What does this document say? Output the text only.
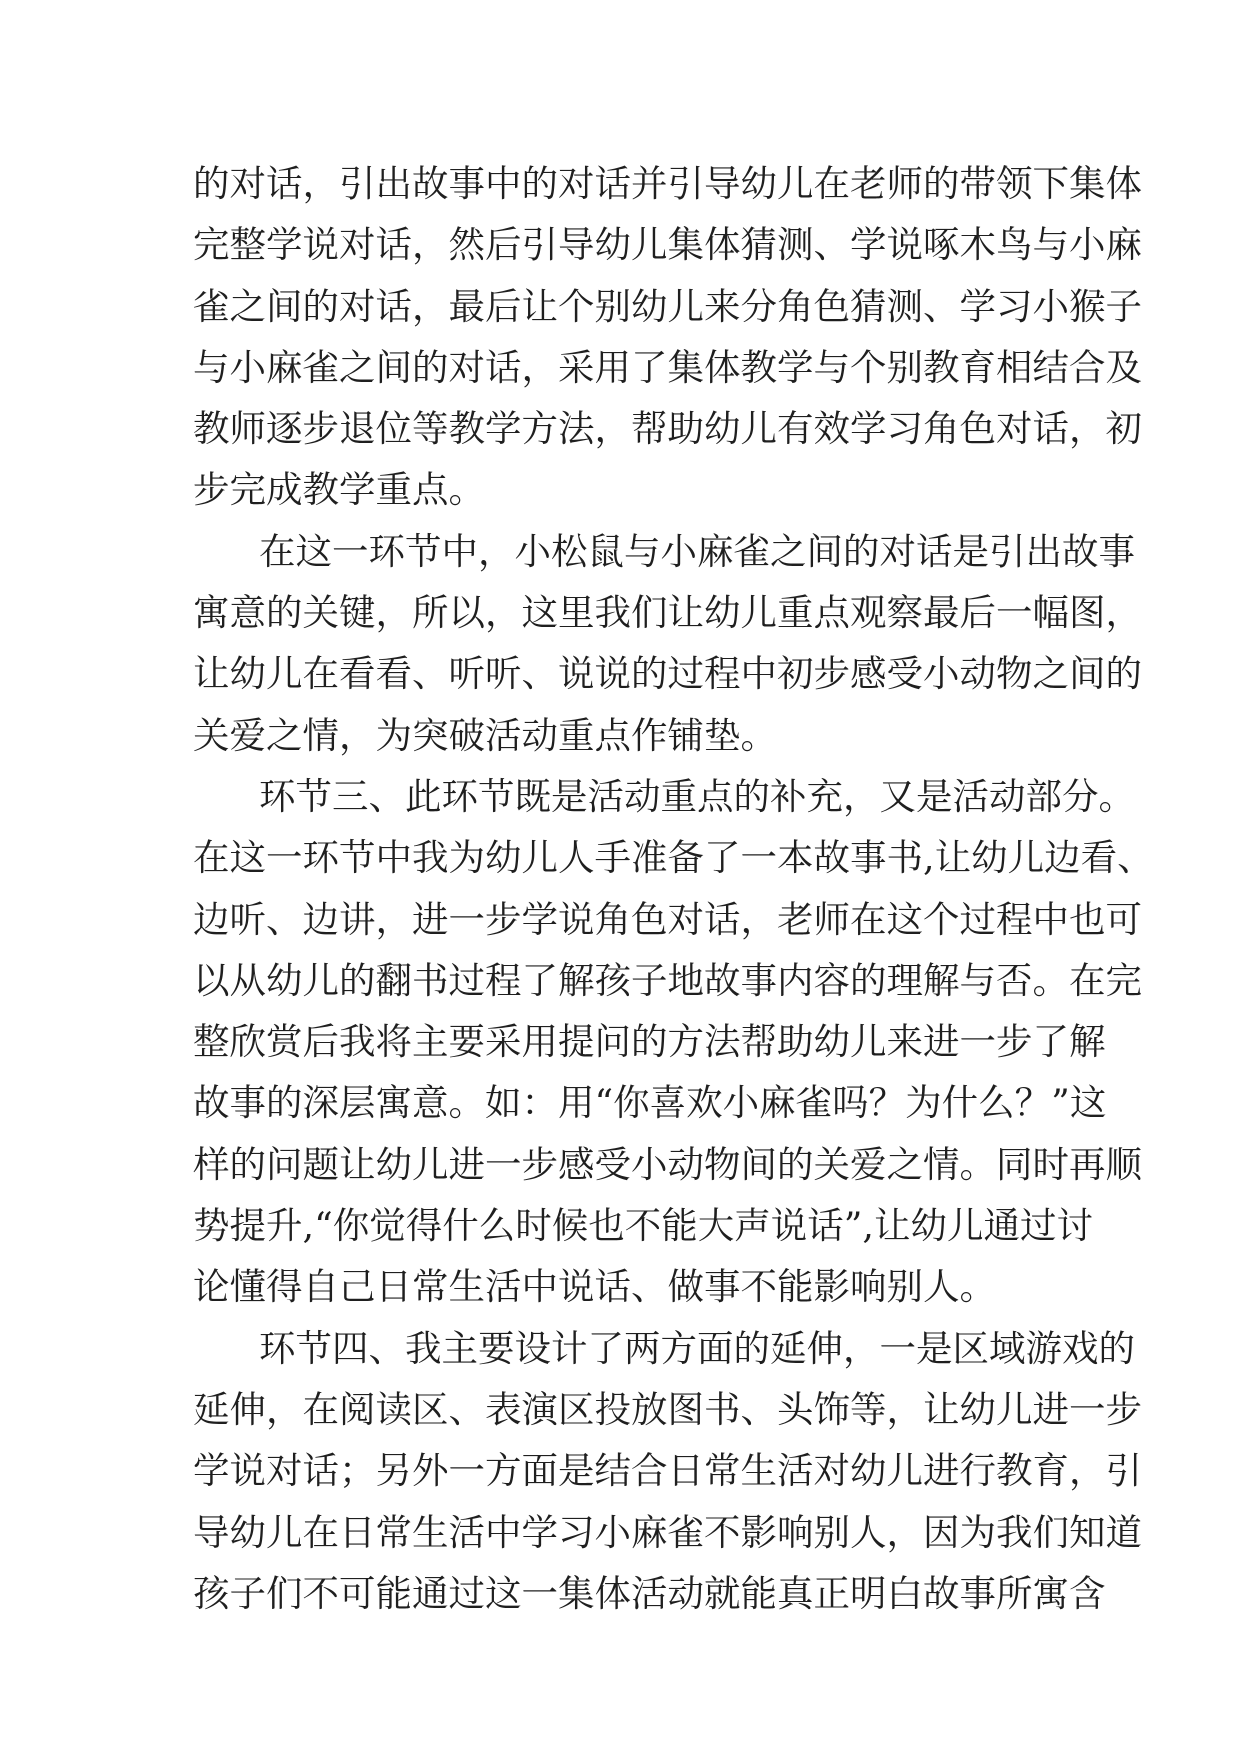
的对话，引出故事中的对话并引导幼儿在老师的带领下集体
完整学说对话，然后引导幼儿集体猜测、学说啄木鸟与小麻
雀之间的对话，最后让个别幼儿来分角色猜测、学习小猴子
与小麻雀之间的对话，采用了集体教学与个别教育相结合及
教师逐步退位等教学方法，帮助幼儿有效学习角色对话，初
步完成教学重点。
在这一环节中，小松鼠与小麻雀之间的对话是引出故事
寓意的关键，所以，这里我们让幼儿重点观察最后一幅图，
让幼儿在看看、听听、说说的过程中初步感受小动物之间的
关爱之情，为突破活动重点作铺垫。
环节三、此环节既是活动重点的补充，又是活动部分。
在这一环节中我为幼儿人手准备了一本故事书,让幼儿边看、
边听、边讲，进一步学说角色对话，老师在这个过程中也可
以从幼儿的翻书过程了解孩子地故事内容的理解与否。在完
整欣赏后我将主要采用提问的方法帮助幼儿来进一步了解
故事的深层寓意。如：用“你喜欢小麻雀吗？为什么？”这
样的问题让幼儿进一步感受小动物间的关爱之情。同时再顺
势提升,“你觉得什么时候也不能大声说话”,让幼儿通过讨
论懂得自己日常生活中说话、做事不能影响别人。
环节四、我主要设计了两方面的延伸，一是区域游戏的
延伸，在阅读区、表演区投放图书、头饰等，让幼儿进一步
学说对话；另外一方面是结合日常生活对幼儿进行教育，引
导幼儿在日常生活中学习小麻雀不影响别人，因为我们知道
孩子们不可能通过这一集体活动就能真正明白故事所寓含
